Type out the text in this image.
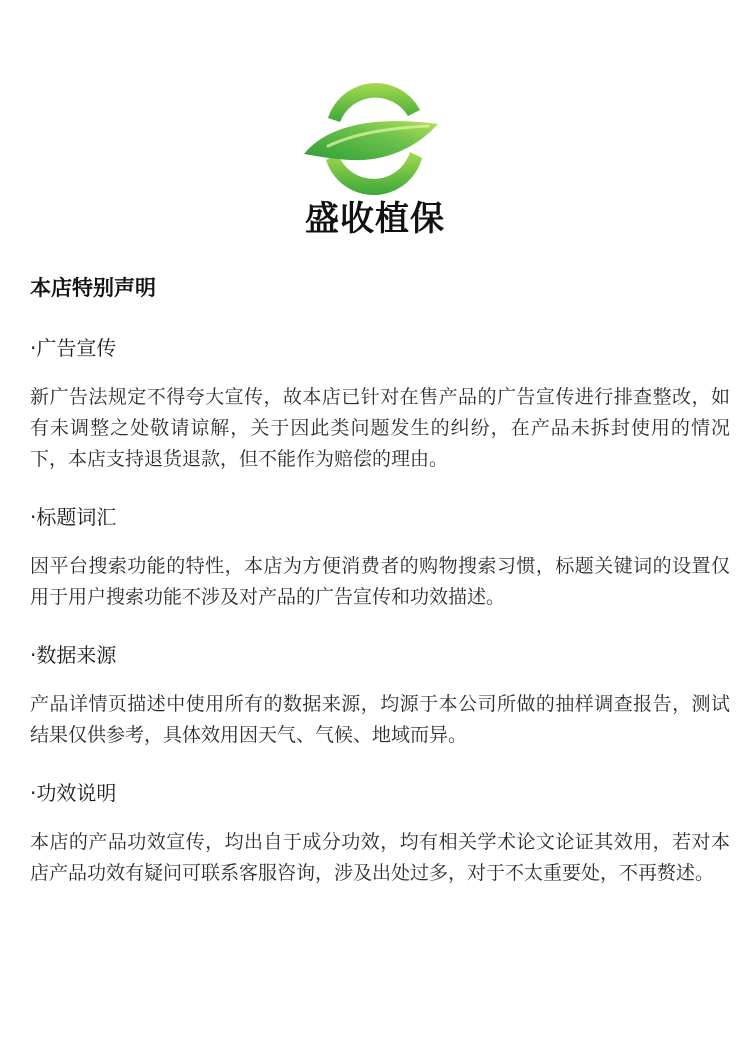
盛收植保
本店特别声明

·广告宣传

新广告法规定不得夸大宣传，故本店已针对在售产品的广告宣传进行排查整改，如有未调整之处敬请谅解，关于因此类问题发生的纠纷，在产品未拆封使用的情况下，本店支持退货退款，但不能作为赔偿的理由。

·标题词汇

因平台搜索功能的特性，本店为方便消费者的购物搜索习惯，标题关键词的设置仅用于用户搜索功能不涉及对产品的广告宣传和功效描述。

·数据来源

产品详情页描述中使用所有的数据来源，均源于本公司所做的抽样调查报告，测试结果仅供参考，具体效用因天气、气候、地域而异。

·功效说明

本店的产品功效宣传，均出自于成分功效，均有相关学术论文论证其效用，若对本店产品功效有疑问可联系客服咨询，涉及出处过多，对于不太重要处，不再赘述。
